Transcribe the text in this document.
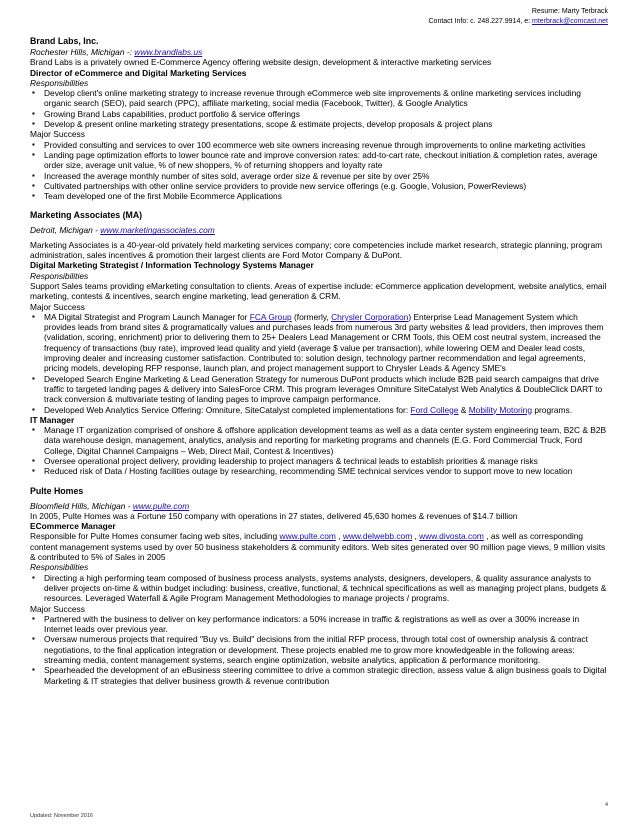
Resume: Marty Terbrack
Contact Info: c. 248.227.9914, e: mterbrack@comcast.net

Brand Labs, Inc.

Rochester Hills, Michigan -: www.brandlabs.us

Brand Labs is a privately owned E-Commerce Agency offering website design, development & interactive marketing services

Director of eCommerce and Digital Marketing Services

Responsibilities

▪ Develop client's online marketing strategy to increase revenue through eCommerce web site improvements & online marketing services including organic search (SEO), paid search (PPC), affiliate marketing, social media (Facebook, Twitter), & Google Analytics
▪ Growing Brand Labs capabilities, product portfolio & service offerings
▪ Develop & present online marketing strategy presentations, scope & estimate projects, develop proposals & project plans

Major Success

▪ Provided consulting and services to over 100 ecommerce web site owners increasing revenue through improvements to online marketing activities
▪ Landing page optimization efforts to lower bounce rate and improve conversion rates: add-to-cart rate, checkout initiation & completion rates, average order size, average unit value, % of new shoppers, % of returning shoppers and loyalty rate
▪ Increased the average monthly number of sites sold, average order size & revenue per site by over 25%
▪ Cultivated partnerships with other online service providers to provide new service offerings (e.g. Google, Volusion, PowerReviews)
▪ Team developed one of the first Mobile Ecommerce Applications

Marketing Associates (MA)

Detroit, Michigan - www.marketingassociates.com

Marketing Associates is a 40-year-old privately held marketing services company; core competencies include market research, strategic planning, program administration, sales incentives & promotion their largest clients are Ford Motor Company & DuPont.

Digital Marketing Strategist / Information Technology Systems Manager

Responsibilities

Support Sales teams providing eMarketing consultation to clients. Areas of expertise include: eCommerce application development, website analytics, email marketing, contests & incentives, search engine marketing, lead generation & CRM.

Major Success

▪ MA Digital Strategist and Program Launch Manager for FCA Group (formerly, Chrysler Corporation) Enterprise Lead Management System which provides leads from brand sites & programatically values and purchases leads from numerous 3rd party websites & lead providers, then improves them (validation, scoring, enrichment) prior to delivering them to 25+ Dealers Lead Management or CRM Tools, this OEM cost neutral system, increased the frequency of transactions (buy rate), improved lead quality and yield (average $ value per transaction), while lowering OEM and Dealer lead costs, improving dealer and increasing customer satisfaction. Contributed to: solution design, technology partner recommendation and legal agreements, pricing models, developing RFP response, launch plan, and project management support to Chrysler Leads & Agency SME's
▪ Developed Search Engine Marketing & Lead Generation Strategy for numerous DuPont products which include B2B paid search campaigns that drive traffic to targeted landing pages & delivery into SalesForce CRM. This program leverages Omniture SiteCatalyst Web Analytics & DoubleClick DART to track conversion & multivariate testing of landing pages to improve campaign performance.
▪ Developed Web Analytics Service Offering: Omniture, SiteCatalyst completed implementations for: Ford College & Mobility Motoring programs.

IT Manager

▪ Manage IT organization comprised of onshore & offshore application development teams as well as a data center system engineering team, B2C & B2B data warehouse design, management, analytics, analysis and reporting for marketing programs and channels (E.G. Ford Commercial Truck, Ford College, Digital Channel Campaigns – Web, Direct Mail, Contest & Incentives)
▪ Oversee operational project delivery, providing leadership to project managers & technical leads to establish priorities & manage risks
▪ Reduced risk of Data / Hosting facilities outage by researching, recommending SME technical services vendor to support move to new location

Pulte Homes

Bloomfield Hills, Michigan - www.pulte.com

In 2005, Pulte Homes was a Fortune 150 company with operations in 27 states, delivered 45,630 homes & revenues of $14.7 billion

ECommerce Manager

Responsible for Pulte Homes consumer facing web sites, including www.pulte.com , www.delwebb.com , www.divosta.com , as well as corresponding content management systems used by over 50 business stakeholders & community editors. Web sites generated over 90 million page views, 9 million visits & contributed to 5% of Sales in 2005

Responsibilities

▪ Directing a high performing team composed of business process analysts, systems analysts, designers, developers, & quality assurance analysts to deliver projects on-time & within budget including: business, creative, functional, & technical specifications as well as managing project plans, budgets & resources. Leveraged Waterfall & Agile Program Management Methodologies to manage projects / programs.

Major Success

▪ Partnered with the business to deliver on key performance indicators: a 50% increase in traffic & registrations as well as over a 300% increase in Internet leads over previous year.
▪ Oversaw numerous projects that required "Buy vs. Build" decisions from the initial RFP process, through total cost of ownership analysis & contract negotiations, to the final application integration or development. These projects enabled me to grow more knowledgeable in the following areas: streaming media, content management systems, search engine optimization, website analytics, application & performance monitoring.
▪ Spearheaded the development of an eBusiness steering committee to drive a common strategic direction, assess value & align business goals to Digital Marketing & IT strategies that deliver business growth & revenue contribution
4
Updated: November 2016
